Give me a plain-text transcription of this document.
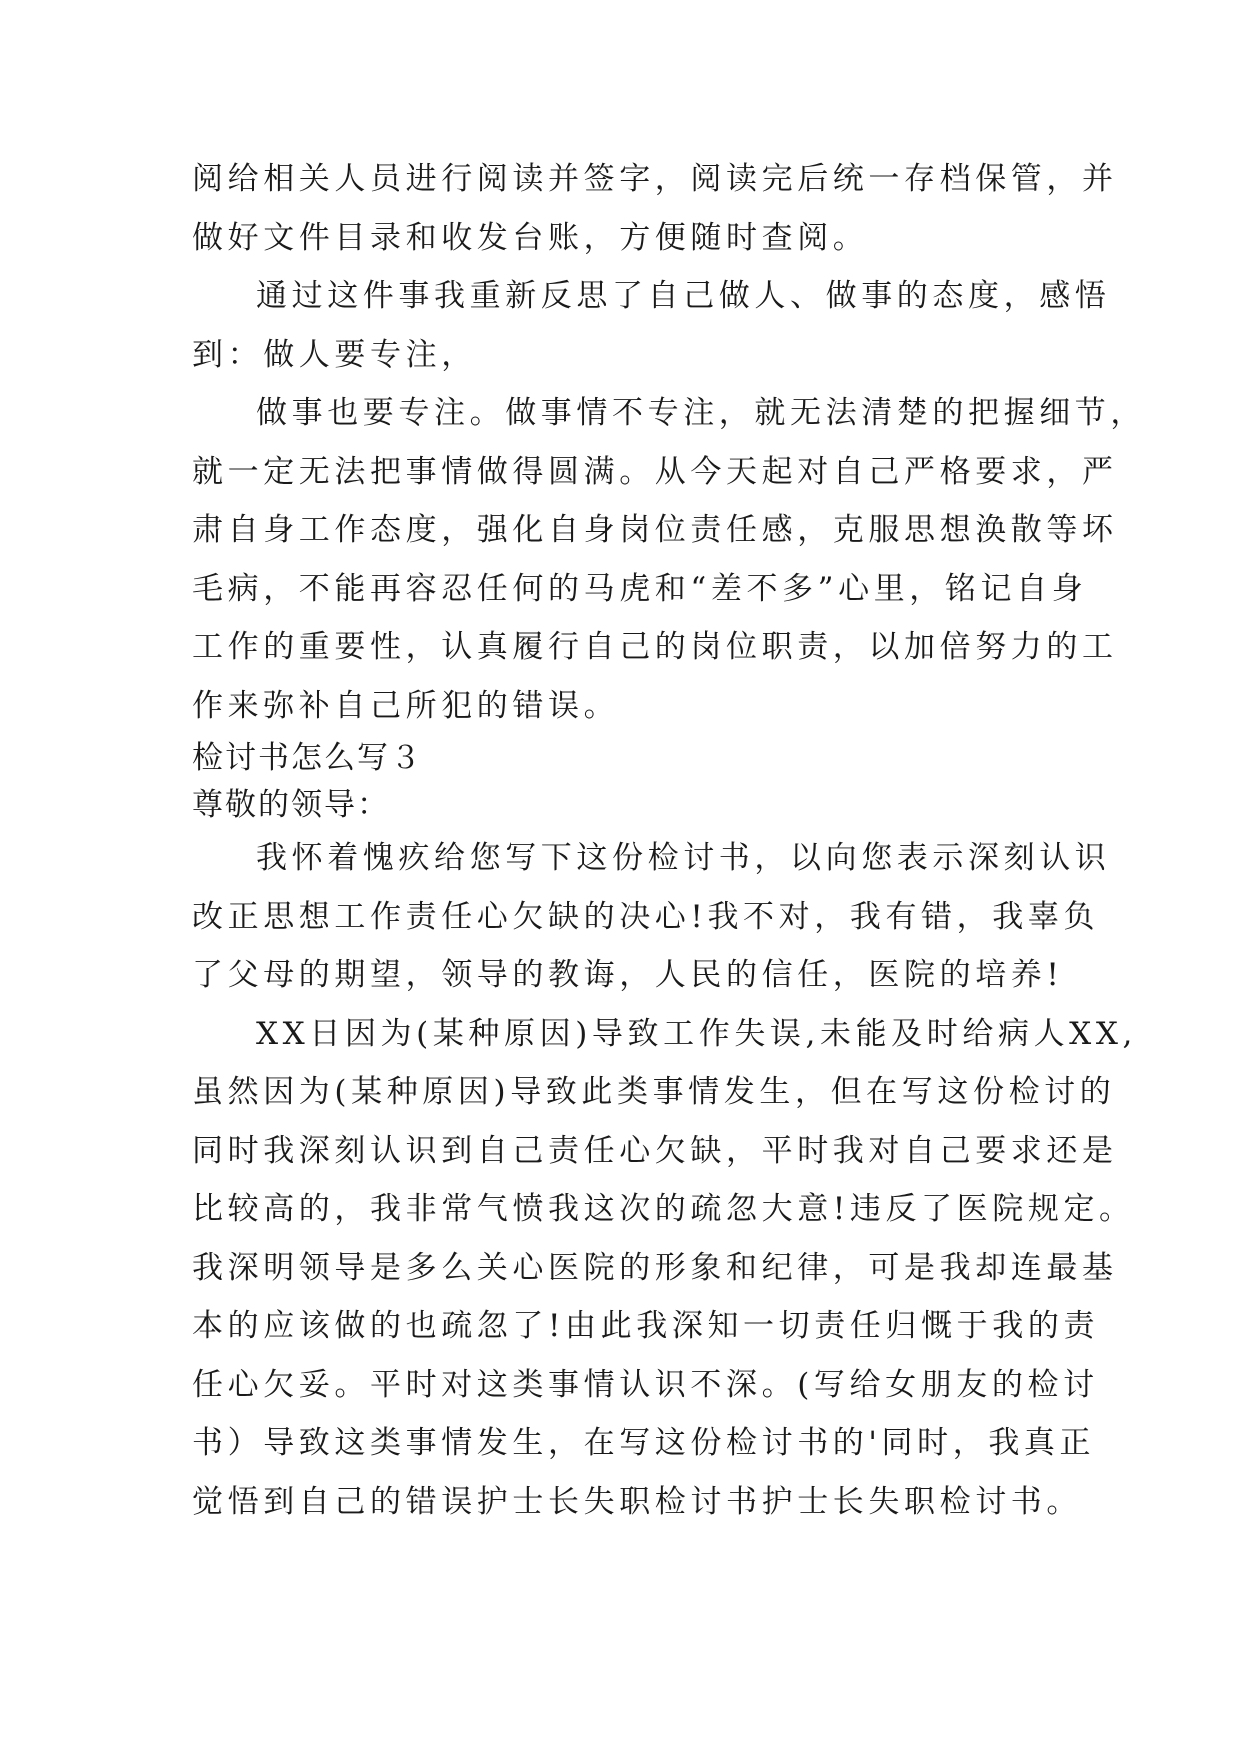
阅给相关人员进行阅读并签字，阅读完后统一存档保管，并
做好文件目录和收发台账，方便随时查阅。
通过这件事我重新反思了自己做人、做事的态度，感悟
到：做人要专注，
做事也要专注。做事情不专注，就无法清楚的把握细节，
就一定无法把事情做得圆满。从今天起对自己严格要求，严
肃自身工作态度，强化自身岗位责任感，克服思想涣散等坏
毛病，不能再容忍任何的马虎和“差不多”心里，铭记自身
工作的重要性，认真履行自己的岗位职责，以加倍努力的工
作来弥补自己所犯的错误。
检讨书怎么写３
尊敬的领导：
我怀着愧疚给您写下这份检讨书，以向您表示深刻认识
改正思想工作责任心欠缺的决心!我不对，我有错，我辜负
了父母的期望，领导的教诲，人民的信任，医院的培养!
XX日因为(某种原因)导致工作失误,未能及时给病人XX,
虽然因为(某种原因)导致此类事情发生，但在写这份检讨的
同时我深刻认识到自己责任心欠缺，平时我对自己要求还是
比较高的，我非常气愤我这次的疏忽大意!违反了医院规定。
我深明领导是多么关心医院的形象和纪律，可是我却连最基
本的应该做的也疏忽了!由此我深知一切责任归慨于我的责
任心欠妥。平时对这类事情认识不深。(写给女朋友的检讨
书）导致这类事情发生，在写这份检讨书的'同时，我真正
觉悟到自己的错误护士长失职检讨书护士长失职检讨书。
